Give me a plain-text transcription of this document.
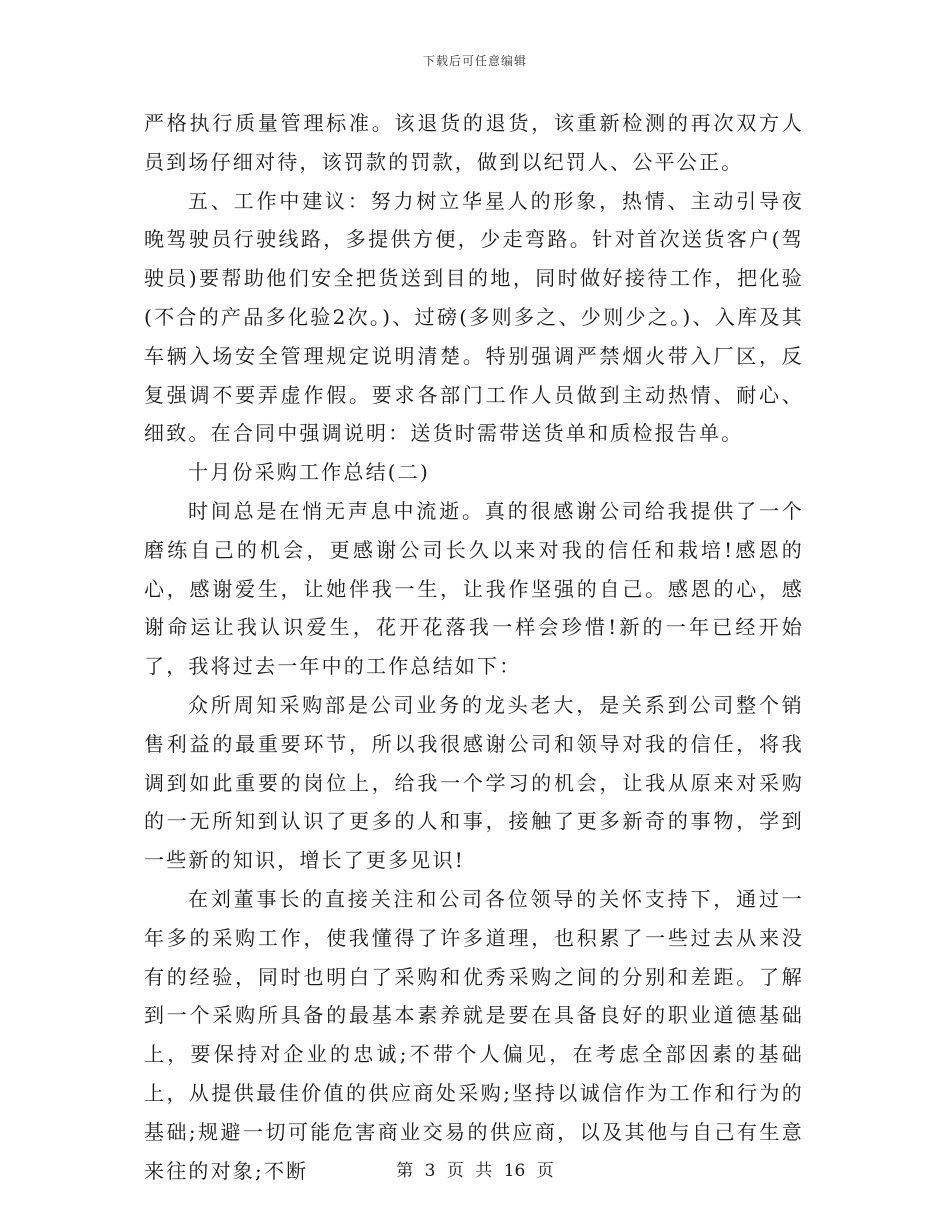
下载后可任意编辑

严格执行质量管理标准。该退货的退货，该重新检测的再次双方人员到场仔细对待，该罚款的罚款，做到以纪罚人、公平公正。

五、工作中建议：努力树立华星人的形象，热情、主动引导夜晚驾驶员行驶线路，多提供方便，少走弯路。针对首次送货客户(驾驶员)要帮助他们安全把货送到目的地，同时做好接待工作，把化验(不合的产品多化验2次。)、过磅(多则多之、少则少之。)、入库及其车辆入场安全管理规定说明清楚。特别强调严禁烟火带入厂区，反复强调不要弄虚作假。要求各部门工作人员做到主动热情、耐心、细致。在合同中强调说明：送货时需带送货单和质检报告单。

十月份采购工作总结(二)

时间总是在悄无声息中流逝。真的很感谢公司给我提供了一个磨练自己的机会，更感谢公司长久以来对我的信任和栽培!感恩的心，感谢爱生，让她伴我一生，让我作坚强的自己。感恩的心，感谢命运让我认识爱生，花开花落我一样会珍惜!新的一年已经开始了，我将过去一年中的工作总结如下：

众所周知采购部是公司业务的龙头老大，是关系到公司整个销售利益的最重要环节，所以我很感谢公司和领导对我的信任，将我调到如此重要的岗位上，给我一个学习的机会，让我从原来对采购的一无所知到认识了更多的人和事，接触了更多新奇的事物，学到一些新的知识，增长了更多见识!

在刘董事长的直接关注和公司各位领导的关怀支持下，通过一年多的采购工作，使我懂得了许多道理，也积累了一些过去从来没有的经验，同时也明白了采购和优秀采购之间的分别和差距。了解到一个采购所具备的最基本素养就是要在具备良好的职业道德基础上，要保持对企业的忠诚;不带个人偏见，在考虑全部因素的基础上，从提供最佳价值的供应商处采购;坚持以诚信作为工作和行为的基础;规避一切可能危害商业交易的供应商，以及其他与自己有生意来往的对象;不断	第 3 页 共 16 页
